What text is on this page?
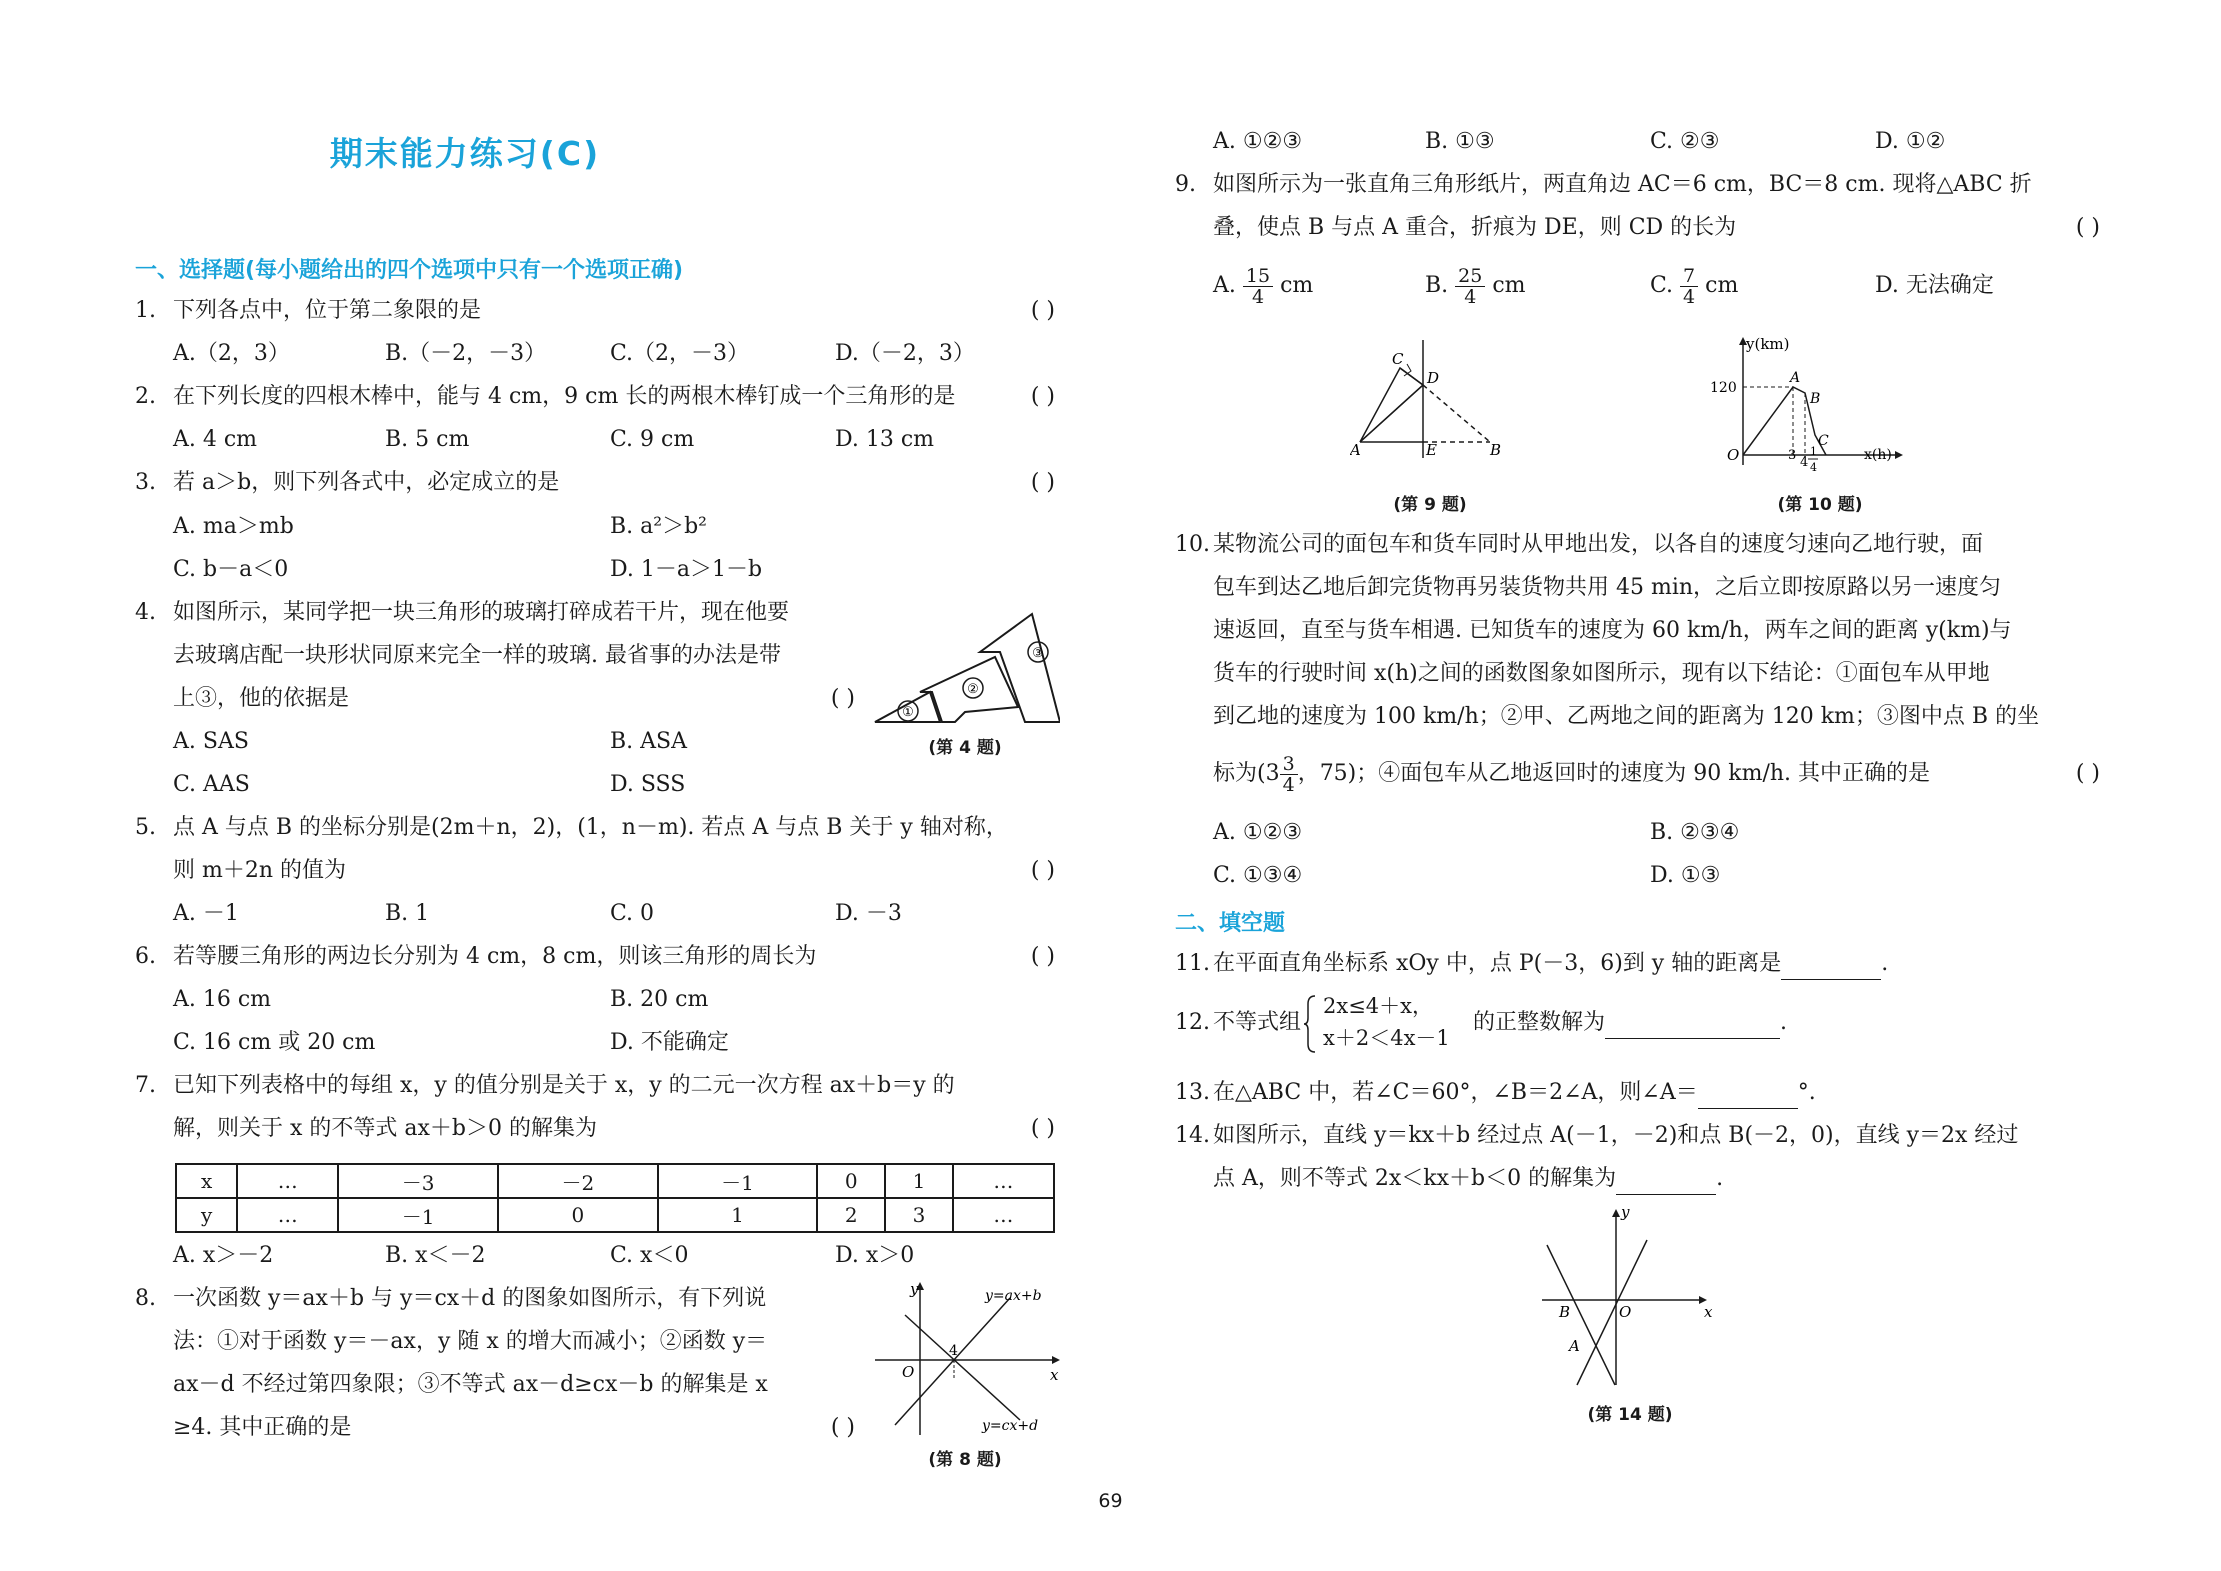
期末能力练习(C)
一、选择题(每小题给出的四个选项中只有一个选项正确)
1. 下列各点中，位于第二象限的是	( )
A.（2，3）	B.（－2，－3）	C.（2，－3）	D.（－2，3）
2. 在下列长度的四根木棒中，能与 4 cm，9 cm 长的两根木棒钉成一个三角形的是	( )
A. 4 cm	B. 5 cm	C. 9 cm	D. 13 cm
3. 若 a＞b，则下列各式中，必定成立的是	( )
A. ma＞mb	B. a²＞b²
C. b－a＜0	D. 1－a＞1－b
4. 如图所示，某同学把一块三角形的玻璃打碎成若干片，现在他要
去玻璃店配一块形状同原来完全一样的玻璃. 最省事的办法是带
上③，他的依据是	( )
A. SAS	B. ASA
C. AAS	D. SSS
①
②
③
(第 4 题)
5. 点 A 与点 B 的坐标分别是(2m＋n，2)，(1，n－m). 若点 A 与点 B 关于 y 轴对称，
则 m＋2n 的值为	( )
A. －1	B. 1	C. 0	D. －3
6. 若等腰三角形的两边长分别为 4 cm，8 cm，则该三角形的周长为	( )
A. 16 cm	B. 20 cm
C. 16 cm 或 20 cm	D. 不能确定
7. 已知下列表格中的每组 x，y 的值分别是关于 x，y 的二元一次方程 ax＋b＝y 的
解，则关于 x 的不等式 ax＋b＞0 的解集为	( )
x	…	－3	－2	－1	0	1	…
y	…	－1	0	1	2	3	…
A. x＞－2	B. x＜－2	C. x＜0	D. x＞0
8. 一次函数 y＝ax＋b 与 y＝cx＋d 的图象如图所示，有下列说
法：①对于函数 y＝－ax，y 随 x 的增大而减小；②函数 y＝
ax－d 不经过第四象限；③不等式 ax－d≥cx－b 的解集是 x
≥4. 其中正确的是	( )
y
x
O
4
y=ax+b
y=cx+d
(第 8 题)
A. ①②③	B. ①③	C. ②③	D. ①②
9. 如图所示为一张直角三角形纸片，两直角边 AC＝6 cm，BC＝8 cm. 现将△ABC 折
叠，使点 B 与点 A 重合，折痕为 DE，则 CD 的长为	( )
A. $\frac{15}{4}$ cm	B. $\frac{25}{4}$ cm	C. $\frac{7}{4}$ cm	D. 无法确定
C
D
A	E	B
(第 9 题)
y(km)
x(h)
O
120
A
B
C
3 4
1
4
(第 10 题)
10. 某物流公司的面包车和货车同时从甲地出发，以各自的速度匀速向乙地行驶，面
包车到达乙地后卸完货物再另装货物共用 45 min，之后立即按原路以另一速度匀
速返回，直至与货车相遇. 已知货车的速度为 60 km/h，两车之间的距离 y(km)与
货车的行驶时间 x(h)之间的函数图象如图所示，现有以下结论：①面包车从甲地
到乙地的速度为 100 km/h；②甲、乙两地之间的距离为 120 km；③图中点 B 的坐
标为($3 \frac{3}{4}$ ，75)；④面包车从乙地返回时的速度为 90 km/h. 其中正确的是	( )
A. ①②③	B. ②③④
C. ①③④	D. ①③
二、填空题
11. 在平面直角坐标系 xOy 中，点 P(－3，6)到 y 轴的距离是	.
12. 不等式组
2x≤4＋x，
x＋2＜4x－1
的正整数解为	.
13. 在△ABC 中，若∠C＝60°，∠B＝2∠A，则∠A＝	°.
14. 如图所示，直线 y＝kx＋b 经过点 A(－1，－2)和点 B(－2，0)，直线 y＝2x 经过
点 A，则不等式 2x＜kx＋b＜0 的解集为	.
y
x
O
B
A
(第 14 题)
69
